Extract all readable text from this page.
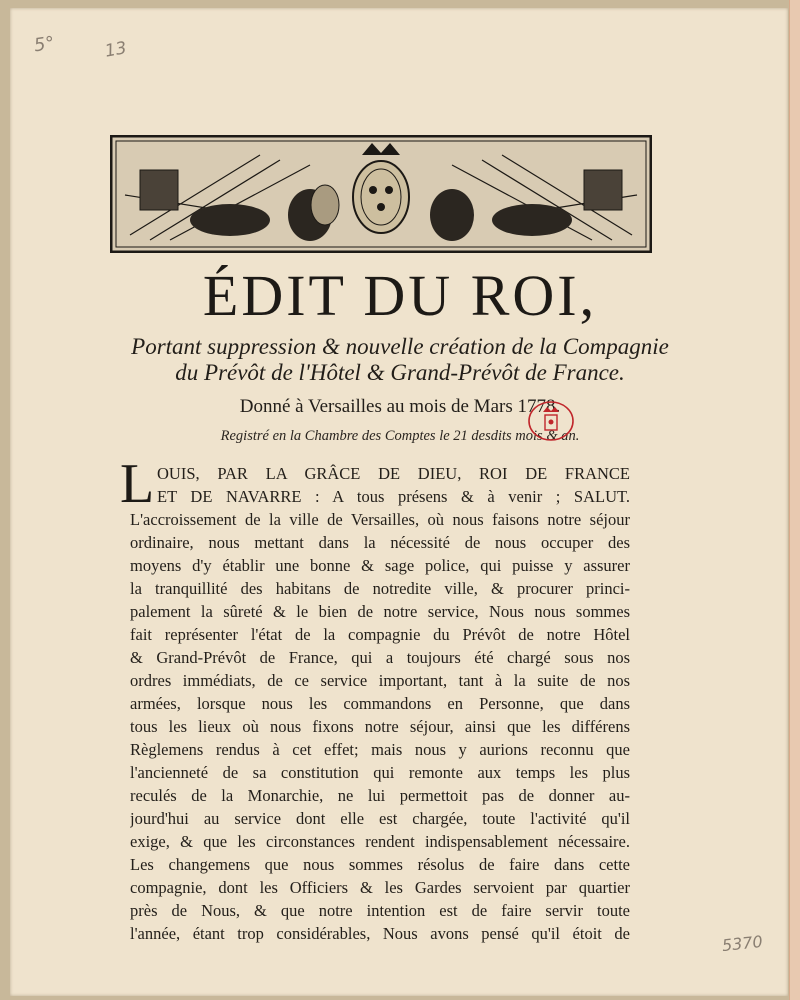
5°	13
5370
ÉDIT DU ROI,
Portant suppression & nouvelle création de la Compagnie
du Prévôt de l'Hôtel & Grand-Prévôt de France.
Donné à Versailles au mois de Mars 1778.
Registré en la Chambre des Comptes le 21 desdits mois & an.
L OUIS, PAR LA GRÂCE DE DIEU, ROI DE FRANCE
ET DE NAVARRE : A tous présens & à venir ; SALUT.
L'accroissement de la ville de Versailles, où nous faisons notre séjour
ordinaire, nous mettant dans la nécessité de nous occuper des
moyens d'y établir une bonne & sage police, qui puisse y assurer
la tranquillité des habitans de notredite ville, & procurer princi-
palement la sûreté & le bien de notre service, Nous nous sommes
fait représenter l'état de la compagnie du Prévôt de notre Hôtel
& Grand-Prévôt de France, qui a toujours été chargé sous nos
ordres immédiats, de ce service important, tant à la suite de nos
armées, lorsque nous les commandons en Personne, que dans
tous les lieux où nous fixons notre séjour, ainsi que les différens
Règlemens rendus à cet effet; mais nous y aurions reconnu que
l'ancienneté de sa constitution qui remonte aux temps les plus
reculés de la Monarchie, ne lui permettoit pas de donner au-
jourd'hui au service dont elle est chargée, toute l'activité qu'il
exige, & que les circonstances rendent indispensablement nécessaire.
Les changemens que nous sommes résolus de faire dans cette
compagnie, dont les Officiers & les Gardes servoient par quartier
près de Nous, & que notre intention est de faire servir toute
l'année, étant trop considérables, Nous avons pensé qu'il étoit de
